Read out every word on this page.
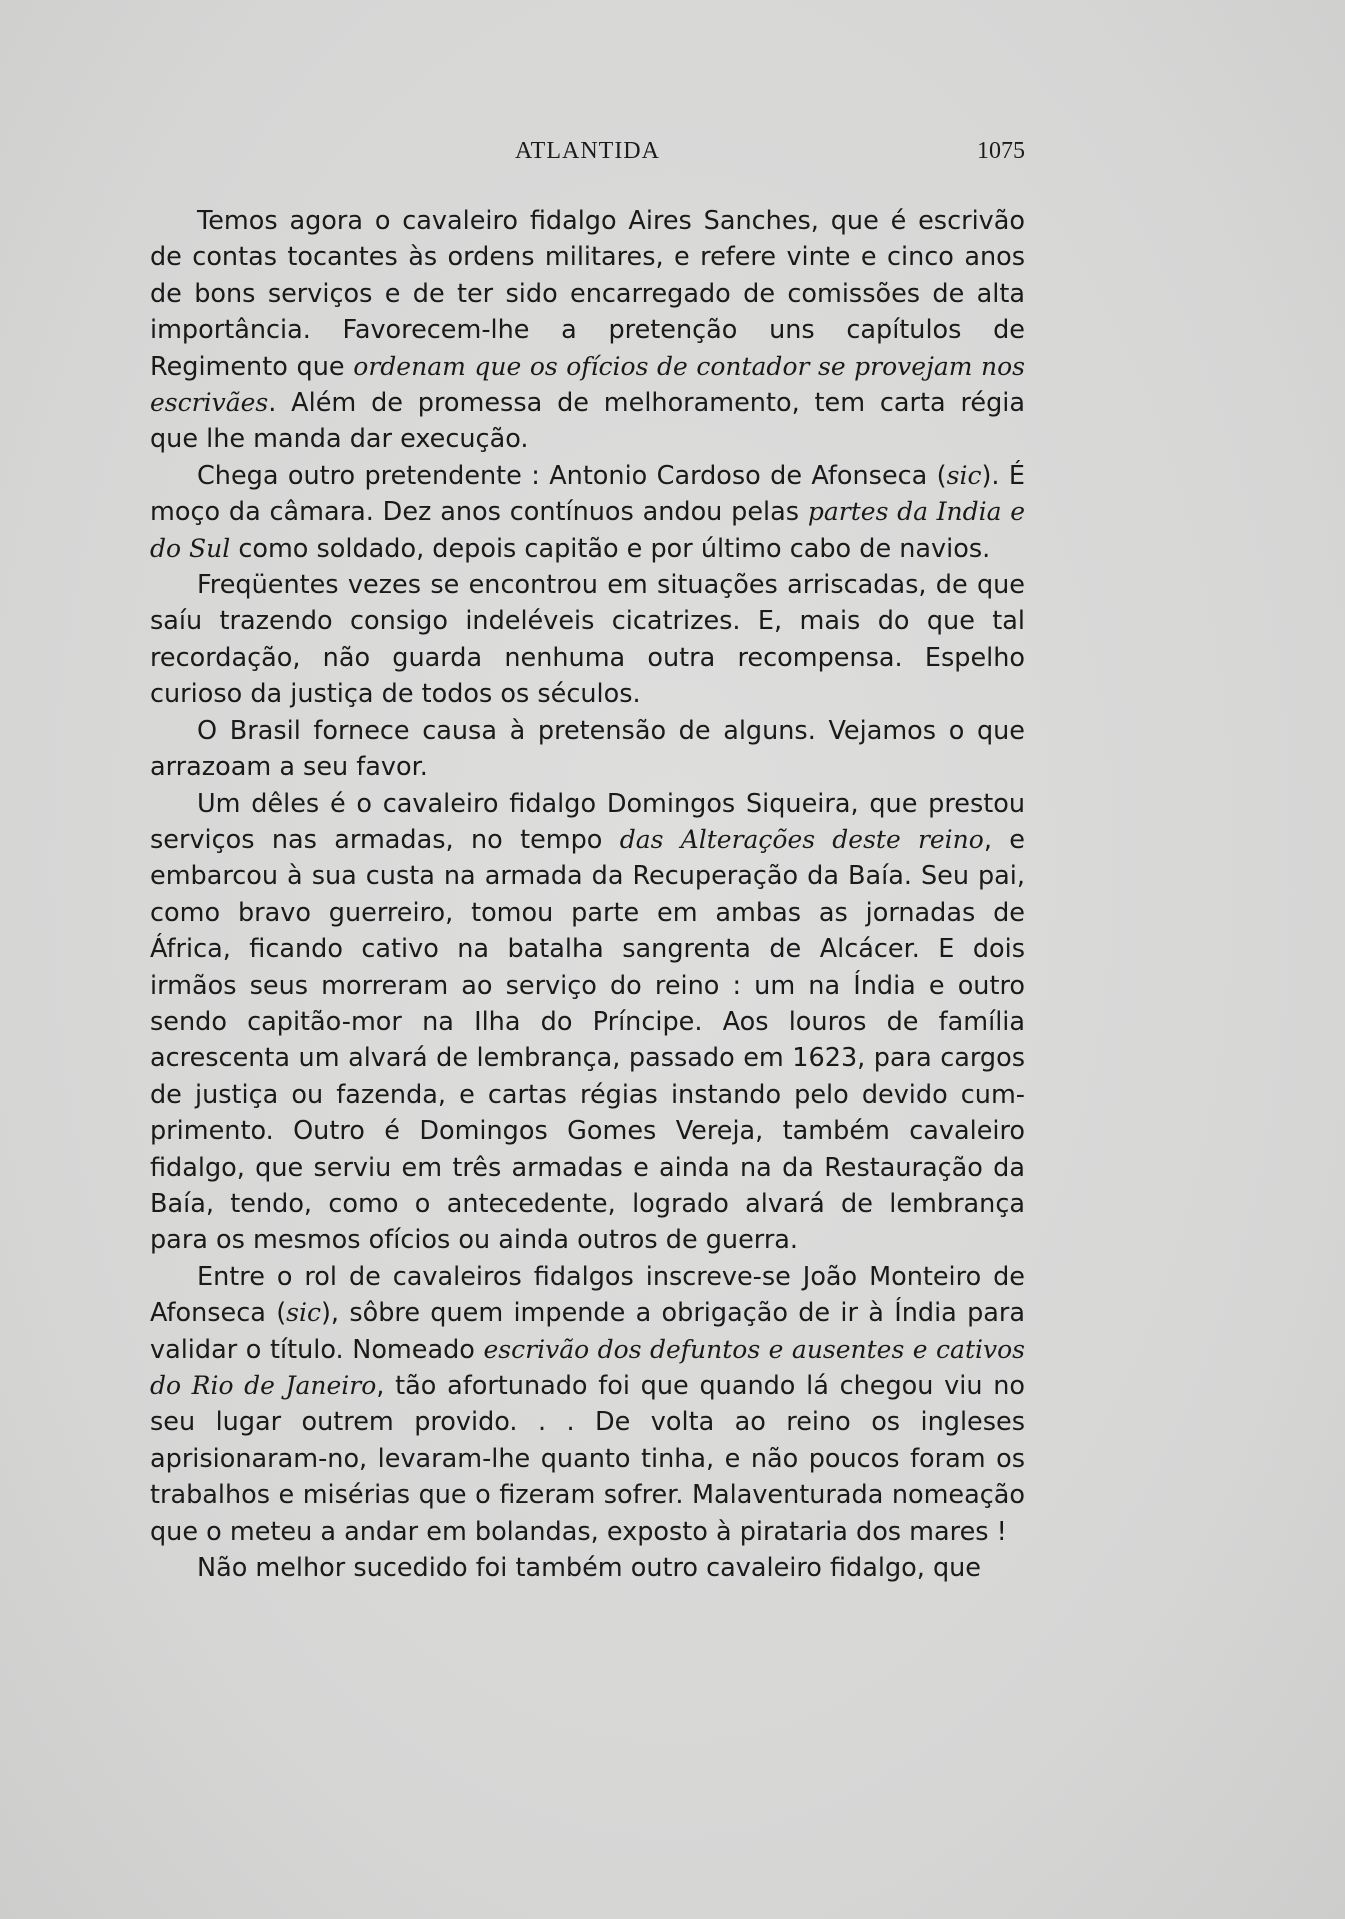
ATLANTIDA	1075

Temos agora o cavaleiro fidalgo Aires Sanches, que é escrivão de contas tocantes às ordens militares, e refere vinte e cinco anos de bons serviços e de ter sido encarregado de comissões de alta importância. Favorecem-lhe a pretenção uns capítulos de Regimento que ordenam que os ofícios de contador se provejam nos escrivães. Além de promessa de melhoramento, tem carta régia que lhe manda dar execução.

Chega outro pretendente : Antonio Cardoso de Afonseca (sic). É moço da câmara. Dez anos contínuos andou pelas partes da India e do Sul como soldado, depois capitão e por último cabo de navios.

Freqüentes vezes se encontrou em situações arriscadas, de que saíu trazendo consigo indeléveis cicatrizes. E, mais do que tal recordação, não guarda nenhuma outra recompensa. Espelho curioso da justiça de todos os séculos.

O Brasil fornece causa à pretensão de alguns. Vejamos o que arrazoam a seu favor.

Um dêles é o cavaleiro fidalgo Domingos Siqueira, que prestou serviços nas armadas, no tempo das Alterações deste reino, e embarcou à sua custa na armada da Recuperação da Baía. Seu pai, como bravo guerreiro, tomou parte em ambas as jornadas de África, ficando cativo na batalha sangrenta de Alcácer. E dois irmãos seus morreram ao serviço do reino : um na Índia e outro sendo capitão-mor na Ilha do Príncipe. Aos louros de família acrescenta um alvará de lembrança, passado em 1623, para cargos de justiça ou fazenda, e cartas régias instando pelo devido cumprimento. Outro é Domingos Gomes Vereja, também cavaleiro fidalgo, que serviu em três armadas e ainda na da Restauração da Baía, tendo, como o antecedente, logrado alvará de lembrança para os mesmos ofícios ou ainda outros de guerra.

Entre o rol de cavaleiros fidalgos inscreve-se João Monteiro de Afonseca (sic), sôbre quem impende a obrigação de ir à Índia para validar o título. Nomeado escrivão dos defuntos e ausentes e cativos do Rio de Janeiro, tão afortunado foi que quando lá chegou viu no seu lugar outrem provido. . . De volta ao reino os ingleses aprisionaram-no, levaram-lhe quanto tinha, e não poucos foram os trabalhos e misérias que o fizeram sofrer. Malaventurada nomeação que o meteu a andar em bolandas, exposto à pirataria dos mares !

Não melhor sucedido foi também outro cavaleiro fidalgo, que
